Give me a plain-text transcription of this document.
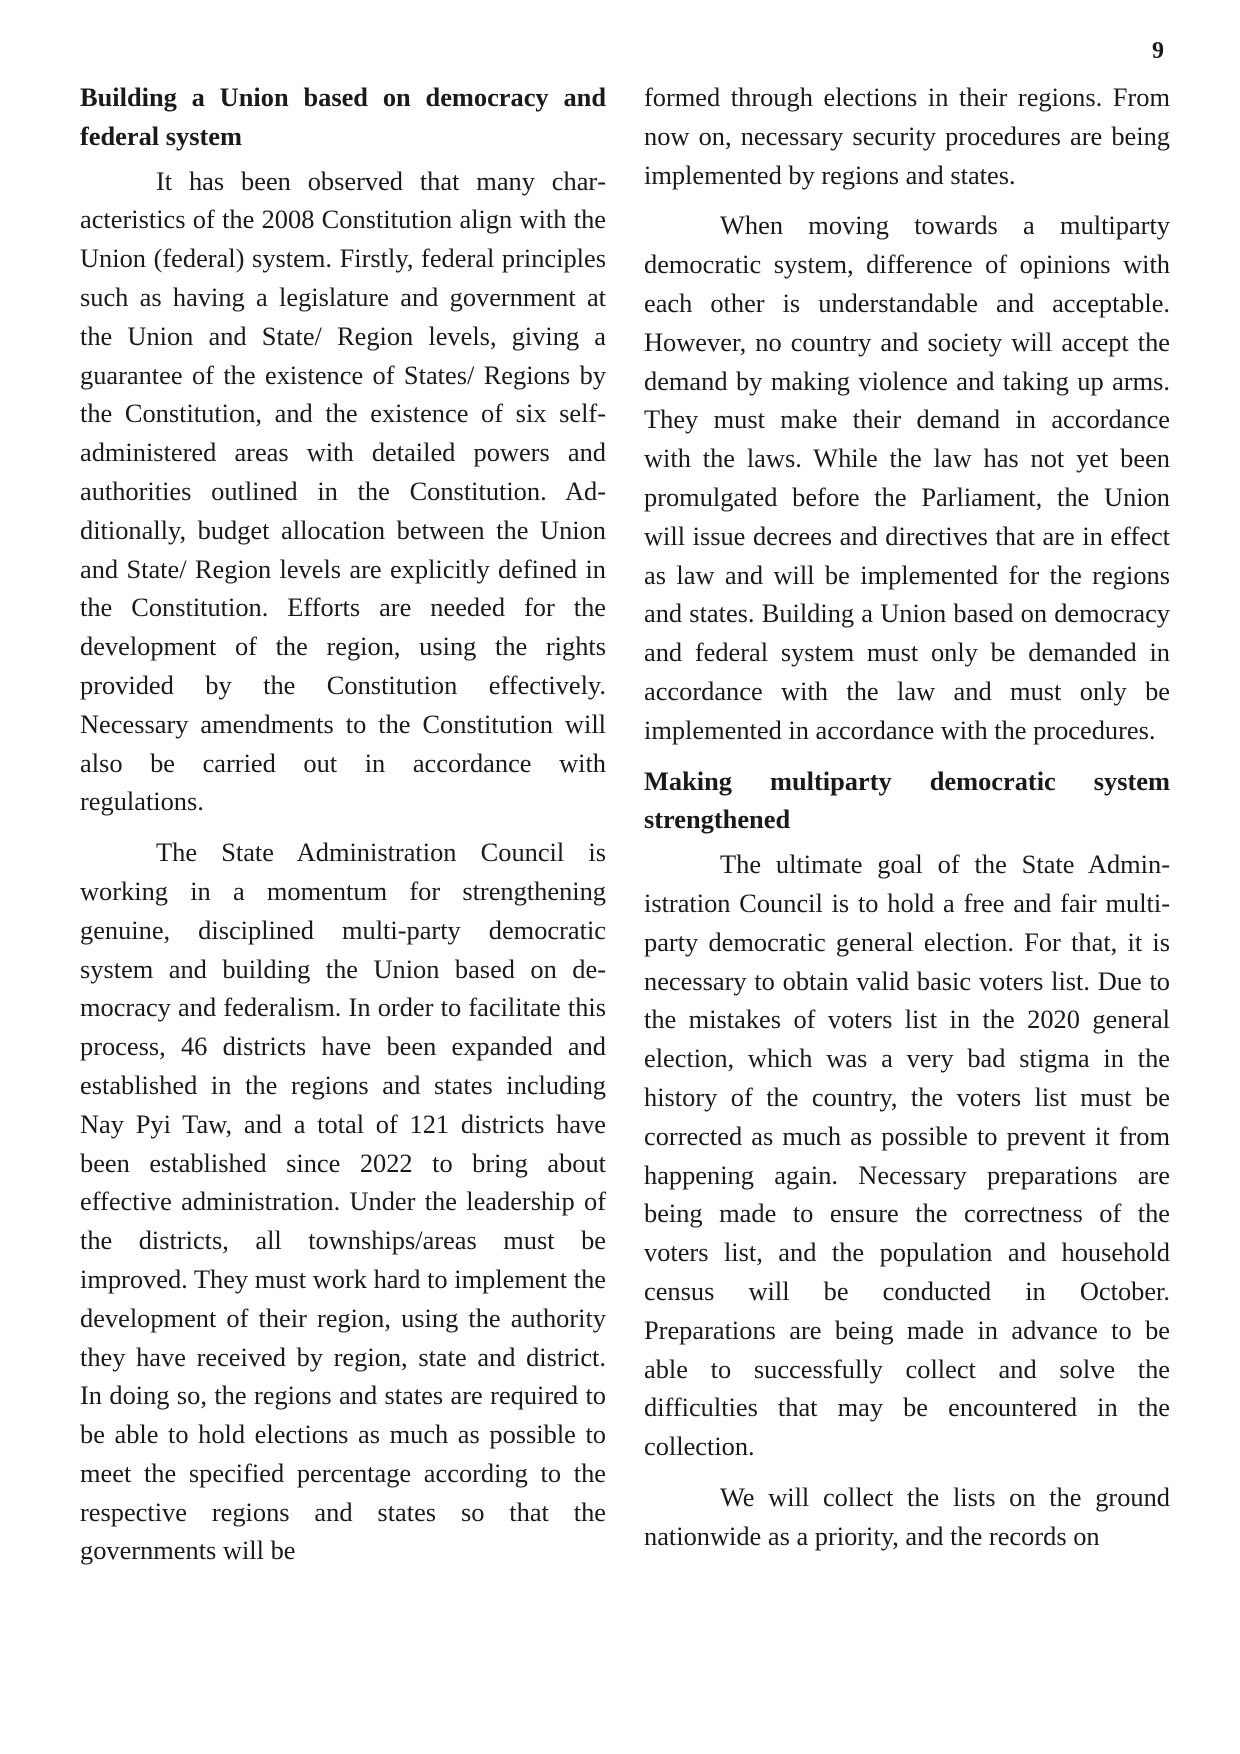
9
Building a Union based on democracy and federal system

It has been observed that many characteristics of the 2008 Constitution align with the Union (federal) system. Firstly, federal principles such as having a legislature and government at the Union and State/ Region levels, giving a guarantee of the existence of States/ Regions by the Constitution, and the existence of six self-administered areas with detailed powers and authorities outlined in the Constitution. Additionally, budget allocation between the Union and State/ Region levels are explicitly defined in the Constitution. Efforts are needed for the development of the region, using the rights provided by the Constitution effectively. Necessary amendments to the Constitution will also be carried out in accordance with regulations.

The State Administration Council is working in a momentum for strengthening genuine, disciplined multi-party democratic system and building the Union based on democracy and federalism. In order to facilitate this process, 46 districts have been expanded and established in the regions and states including Nay Pyi Taw, and a total of 121 districts have been established since 2022 to bring about effective administration. Under the leadership of the districts, all townships/areas must be improved. They must work hard to implement the development of their region, using the authority they have received by region, state and district. In doing so, the regions and states are required to be able to hold elections as much as possible to meet the specified percentage according to the respective regions and states so that the governments will be

formed through elections in their regions. From now on, necessary security procedures are being implemented by regions and states.

When moving towards a multiparty democratic system, difference of opinions with each other is understandable and acceptable. However, no country and society will accept the demand by making violence and taking up arms. They must make their demand in accordance with the laws. While the law has not yet been promulgated before the Parliament, the Union will issue decrees and directives that are in effect as law and will be implemented for the regions and states. Building a Union based on democracy and federal system must only be demanded in accordance with the law and must only be implemented in accordance with the procedures.

Making multiparty democratic system strengthened

The ultimate goal of the State Administration Council is to hold a free and fair multi-party democratic general election. For that, it is necessary to obtain valid basic voters list. Due to the mistakes of voters list in the 2020 general election, which was a very bad stigma in the history of the country, the voters list must be corrected as much as possible to prevent it from happening again. Necessary preparations are being made to ensure the correctness of the voters list, and the population and household census will be conducted in October. Preparations are being made in advance to be able to successfully collect and solve the difficulties that may be encountered in the collection.

We will collect the lists on the ground nationwide as a priority, and the records on
